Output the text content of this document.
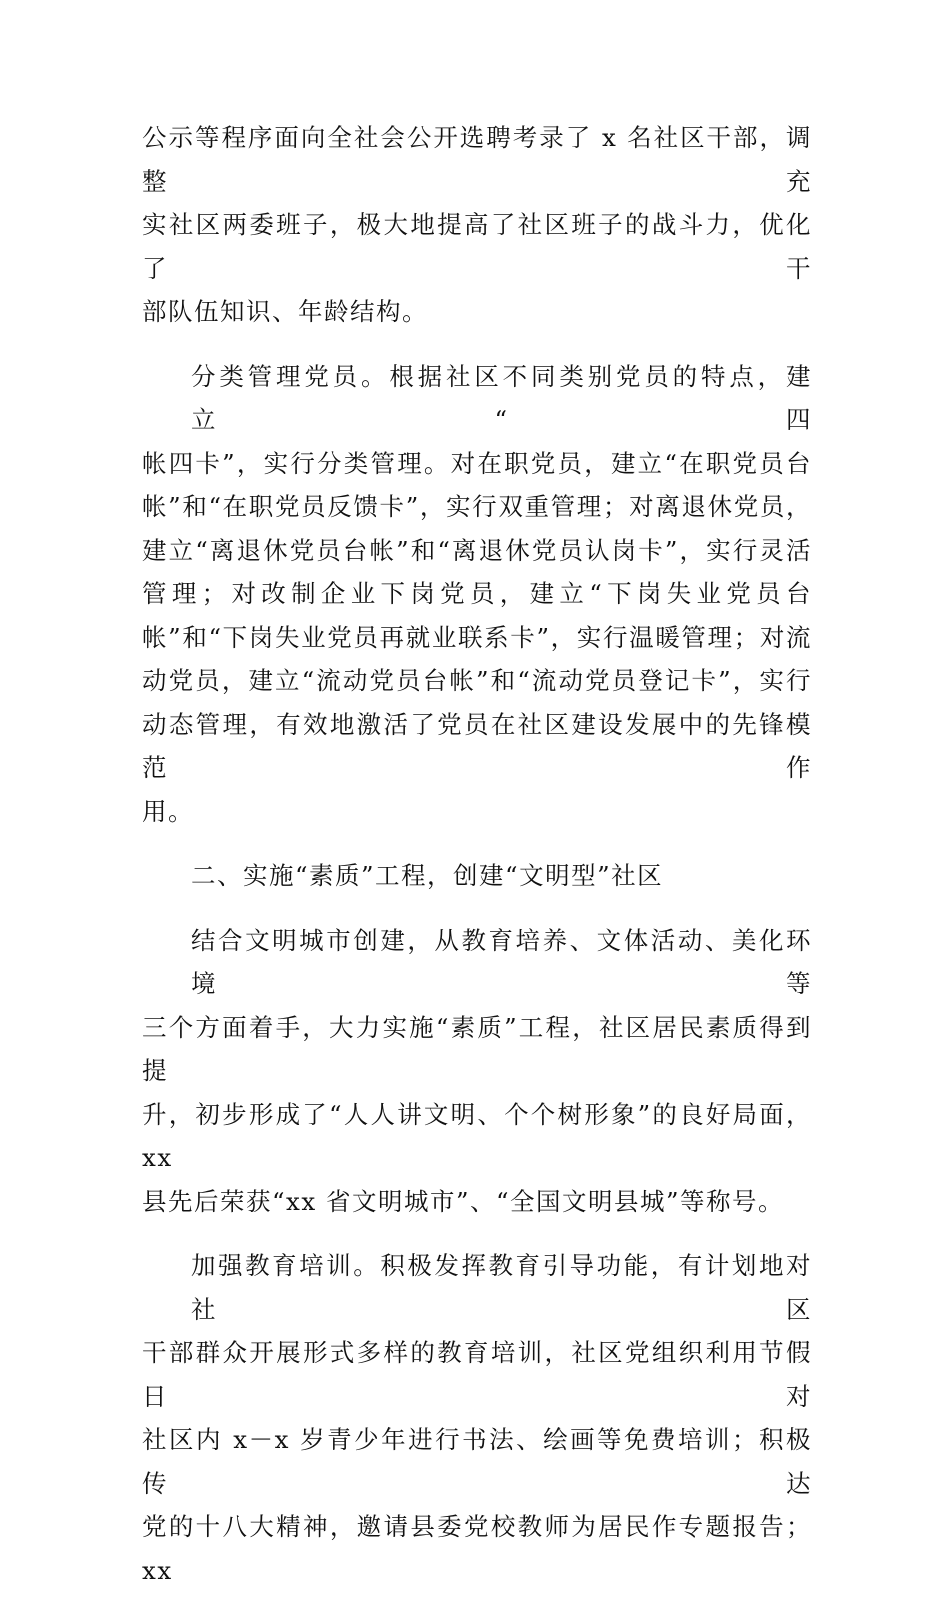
公示等程序面向全社会公开选聘考录了 x 名社区干部，调整充
实社区两委班子，极大地提高了社区班子的战斗力，优化了干
部队伍知识、年龄结构。

分类管理党员。根据社区不同类别党员的特点，建立“四
帐四卡”，实行分类管理。对在职党员，建立“在职党员台
帐”和“在职党员反馈卡”，实行双重管理；对离退休党员，
建立“离退休党员台帐”和“离退休党员认岗卡”，实行灵活
管理；对改制企业下岗党员，建立“下岗失业党员台
帐”和“下岗失业党员再就业联系卡”，实行温暖管理；对流
动党员，建立“流动党员台帐”和“流动党员登记卡”，实行
动态管理，有效地激活了党员在社区建设发展中的先锋模范作
用。

二、实施“素质”工程，创建“文明型”社区

结合文明城市创建，从教育培养、文体活动、美化环境等
三个方面着手，大力实施“素质”工程，社区居民素质得到提
升，初步形成了“人人讲文明、个个树形象”的良好局面，xx
县先后荣获“xx 省文明城市”、“全国文明县城”等称号。

加强教育培训。积极发挥教育引导功能，有计划地对社区
干部群众开展形式多样的教育培训，社区党组织利用节假日对
社区内 x－x 岁青少年进行书法、绘画等免费培训；积极传达
党的十八大精神，邀请县委党校教师为居民作专题报告；xx
